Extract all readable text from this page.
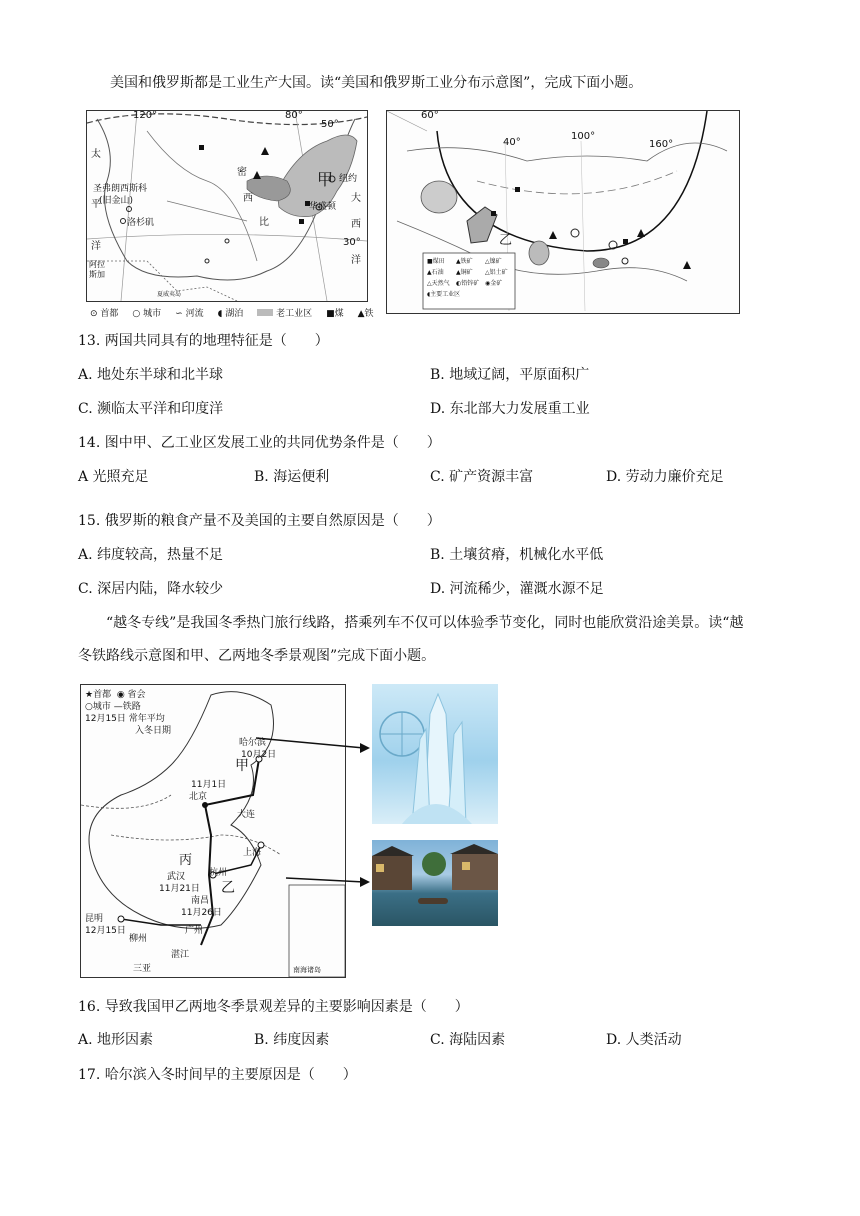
美国和俄罗斯都是工业生产大国。读“美国和俄罗斯工业分布示意图”，完成下面小题。
120°	80°
50°
30°
太
平
洋
圣弗朗西斯科
(旧金山)
洛杉矶
阿拉
斯加
密
西
比
甲 纽约
大
西
洋
华盛顿
夏威夷岛
⊙ 首都 ○ 城市 ∽ 河流 ◖ 湖泊	老工业区 ■煤 ▲铁
60°
40°
100°
160°
乙
■煤田	▲铁矿	△镍矿
▲石油	▲铜矿	△铝土矿
△天然气	◐铅锌矿 ◉金矿
◖主要工业区
13. 两国共同具有的地理特征是（　　）
A. 地处东半球和北半球	B. 地域辽阔，平原面积广
C. 濒临太平洋和印度洋	D. 东北部大力发展重工业
14. 图中甲、乙工业区发展工业的共同优势条件是（　　）
A 光照充足	B. 海运便利	C. 矿产资源丰富	D. 劳动力廉价充足
15. 俄罗斯的粮食产量不及美国的主要自然原因是（　　）
A. 纬度较高，热量不足	B. 土壤贫瘠，机械化水平低
C. 深居内陆，降水较少	D. 河流稀少，灌溉水源不足
“越冬专线”是我国冬季热门旅行线路，搭乘列车不仅可以体验季节变化，同时也能欣赏沿途美景。读“越
冬铁路线示意图和甲、乙两地冬季景观图”完成下面小题。
★首都  ◉ 省会
○城市 —铁路
12月15日 常年平均
入冬日期
哈尔滨
10月2日
甲
11月1日
北京
大连
丙	上海
武汉	杭州
11月21日 乙
南昌
11月26日
昆明
12月15日
柳州
广州
湛江
三亚	南海诸岛
16. 导致我国甲乙两地冬季景观差异的主要影响因素是（　　）
A. 地形因素	B. 纬度因素	C. 海陆因素	D. 人类活动
17. 哈尔滨入冬时间早的主要原因是（　　）
